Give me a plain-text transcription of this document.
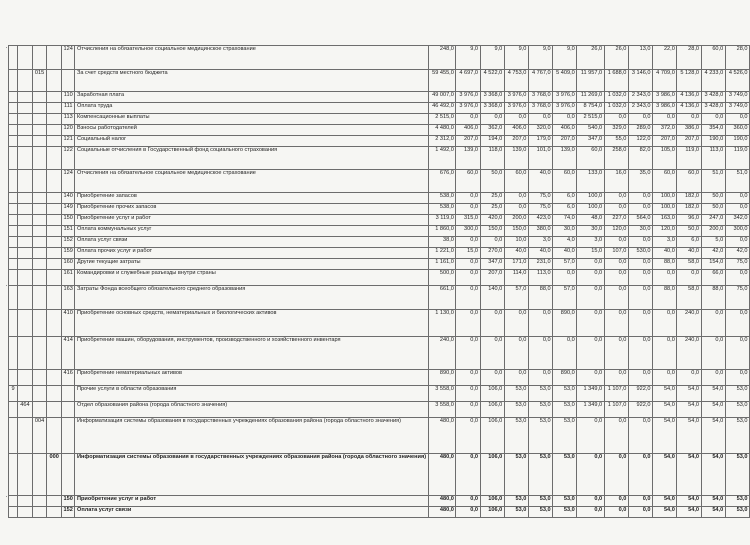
				124	Отчисления на обязательное социальное медицинское страхование	248,0	9,0	9,0	9,0	9,0	9,0	26,0	26,0	13,0	22,0	28,0	60,0	28,0
		015			За счет средств местного бюджета	59 455,0	4 697,0	4 522,0	4 753,0	4 767,0	5 409,0	11 957,0	1 688,0	3 146,0	4 709,0	5 128,0	4 233,0	4 526,0
				110	Заработная плата	49 007,0	3 976,0	3 368,0	3 976,0	3 768,0	3 976,0	11 269,0	1 032,0	2 343,0	3 986,0	4 136,0	3 428,0	3 749,0
				111	Оплата труда	46 492,0	3 976,0	3 368,0	3 976,0	3 768,0	3 976,0	8 754,0	1 032,0	2 343,0	3 986,0	4 136,0	3 428,0	3 749,0
				113	Компенсационные выплаты	2 515,0	0,0	0,0	0,0	0,0	0,0	2 515,0	0,0	0,0	0,0	0,0	0,0	0,0
				120	Взносы работодателей	4 480,0	406,0	362,0	406,0	320,0	406,0	540,0	329,0	289,0	372,0	386,0	354,0	360,0
				121	Социальный налог	2 312,0	207,0	194,0	207,0	179,0	207,0	347,0	55,0	122,0	207,0	207,0	190,0	190,0
				122	Социальные отчисления в Государственный фонд социального страхования	1 492,0	139,0	118,0	139,0	101,0	139,0	60,0	258,0	82,0	105,0	119,0	113,0	119,0
				124	Отчисления на обязательное социальное медицинское страхование	676,0	60,0	50,0	60,0	40,0	60,0	133,0	16,0	35,0	60,0	60,0	51,0	51,0
				140	Приобретение запасов	538,0	0,0	25,0	0,0	75,0	6,0	100,0	0,0	0,0	100,0	182,0	50,0	0,0
				149	Приобретение прочих запасов	538,0	0,0	25,0	0,0	75,0	6,0	100,0	0,0	0,0	100,0	182,0	50,0	0,0
				150	Приобретение услуг и работ	3 119,0	315,0	420,0	200,0	423,0	74,0	48,0	227,0	564,0	163,0	96,0	247,0	342,0
				151	Оплата коммунальных услуг	1 860,0	300,0	150,0	150,0	380,0	30,0	30,0	120,0	30,0	120,0	50,0	200,0	300,0
				152	Оплата услуг связи	38,0	0,0	0,0	10,0	3,0	4,0	3,0	0,0	0,0	3,0	6,0	5,0	0,0
				159	Оплата прочих услуг и работ	1 221,0	15,0	270,0	40,0	40,0	40,0	15,0	107,0	530,0	40,0	40,0	42,0	42,0
				160	Другие текущие затраты	1 161,0	0,0	347,0	171,0	231,0	57,0	0,0	0,0	0,0	88,0	58,0	154,0	75,0
				161	Командировки и служебные разъезды внутри страны	500,0	0,0	207,0	114,0	113,0	0,0	0,0	0,0	0,0	0,0	0,0	66,0	0,0
				163	Затраты Фонда всеобщего обязательного среднего образования	661,0	0,0	140,0	57,0	88,0	57,0	0,0	0,0	0,0	88,0	58,0	88,0	75,0
				410	Приобретение основных средств, нематериальных и биологических активов	1 130,0	0,0	0,0	0,0	0,0	890,0	0,0	0,0	0,0	0,0	240,0	0,0	0,0
				414	Приобретение машин, оборудования, инструментов, производственного и хозяйственного инвентаря	240,0	0,0	0,0	0,0	0,0	0,0	0,0	0,0	0,0	0,0	240,0	0,0	0,0
				416	Приобретение нематериальных активов	890,0	0,0	0,0	0,0	0,0	890,0	0,0	0,0	0,0	0,0	0,0	0,0	0,0
9					Прочие услуги в области образования	3 558,0	0,0	106,0	53,0	53,0	53,0	1 349,0	1 107,0	922,0	54,0	54,0	54,0	53,0
	464				Отдел образования района (города областного значения)	3 558,0	0,0	106,0	53,0	53,0	53,0	1 349,0	1 107,0	922,0	54,0	54,0	54,0	53,0
		004			Информатизация системы образования в государственных учреждениях образования района (города областного значения)	480,0	0,0	106,0	53,0	53,0	53,0	0,0	0,0	0,0	54,0	54,0	54,0	53,0
			000		Информатизация системы образования в государственных учреждениях образования района (города областного значения)	480,0	0,0	106,0	53,0	53,0	53,0	0,0	0,0	0,0	54,0	54,0	54,0	53,0
				150	Приобретение услуг и работ	480,0	0,0	106,0	53,0	53,0	53,0	0,0	0,0	0,0	54,0	54,0	54,0	53,0
				152	Оплата услуг связи	480,0	0,0	106,0	53,0	53,0	53,0	0,0	0,0	0,0	54,0	54,0	54,0	53,0
